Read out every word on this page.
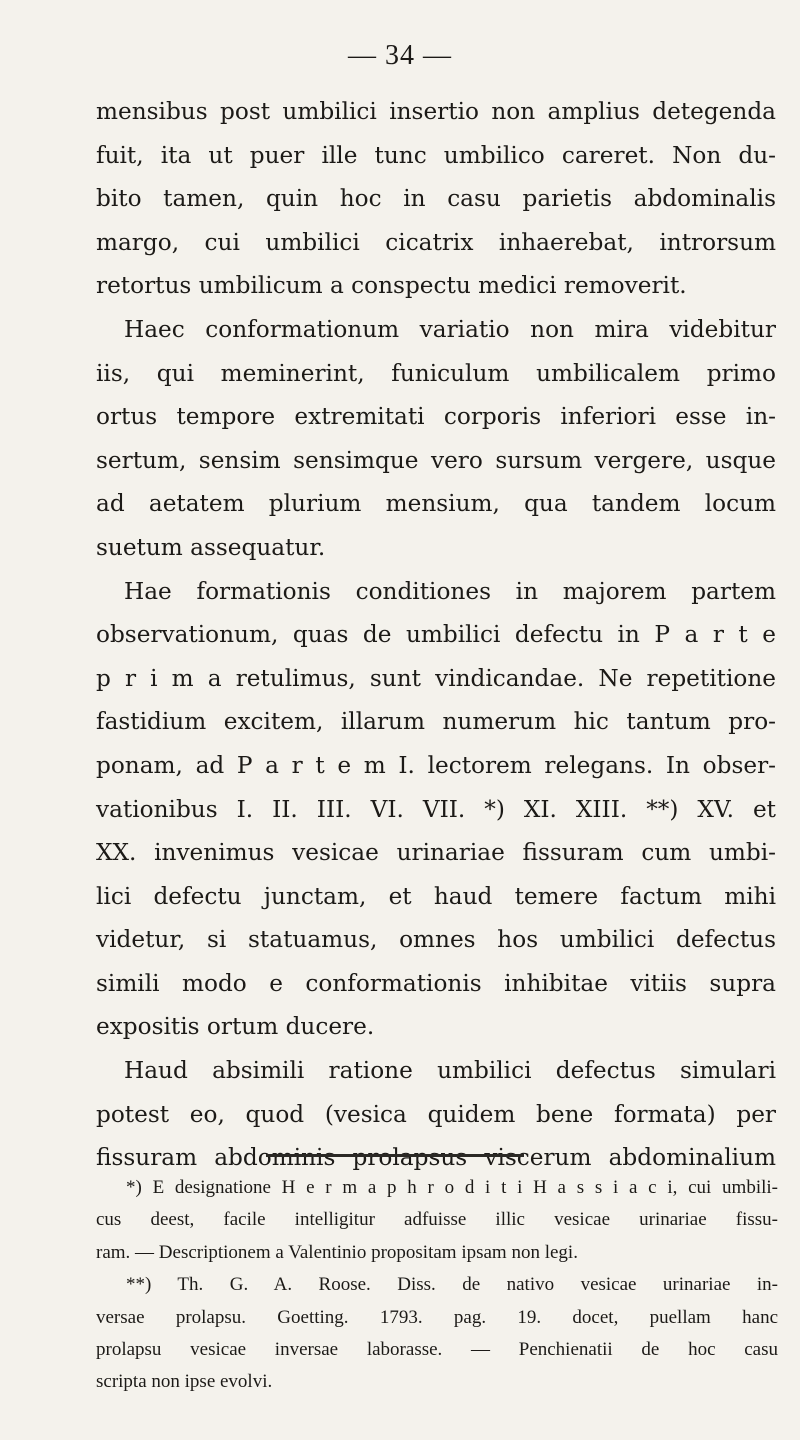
— 34 —
mensibus post umbilici insertio non amplius detegenda
fuit, ita ut puer ille tunc umbilico careret. Non du-
bito tamen, quin hoc in casu parietis abdominalis
margo, cui umbilici cicatrix inhaerebat, introrsum
retortus umbilicum a conspectu medici removerit.
Haec conformationum variatio non mira videbitur
iis, qui meminerint, funiculum umbilicalem primo
ortus tempore extremitati corporis inferiori esse in-
sertum, sensim sensimque vero sursum vergere, usque
ad aetatem plurium mensium, qua tandem locum
suetum assequatur.
Hae formationis conditiones in majorem partem
observationum, quas de umbilici defectu in P a r t e
p r i m a retulimus, sunt vindicandae. Ne repetitione
fastidium excitem, illarum numerum hic tantum pro-
ponam, ad P a r t e m I. lectorem relegans. In obser-
vationibus I. II. III. VI. VII. *) XI. XIII. **) XV. et
XX. invenimus vesicae urinariae fissuram cum umbi-
lici defectu junctam, et haud temere factum mihi
videtur, si statuamus, omnes hos umbilici defectus
simili modo e conformationis inhibitae vitiis supra
expositis ortum ducere.
Haud absimili ratione umbilici defectus simulari
potest eo, quod (vesica quidem bene formata) per
fissuram abdominis prolapsus viscerum abdominalium
*) E designatione H e r m a p h r o d i t i H a s s i a c i, cui umbili-
cus deest, facile intelligitur adfuisse illic vesicae urinariae fissu-
ram. — Descriptionem a Valentinio propositam ipsam non legi.
**) Th. G. A. Roose. Diss. de nativo vesicae urinariae in-
versae prolapsu. Goetting. 1793. pag. 19. docet, puellam hanc
prolapsu vesicae inversae laborasse. — Penchienatii de hoc casu
scripta non ipse evolvi.
